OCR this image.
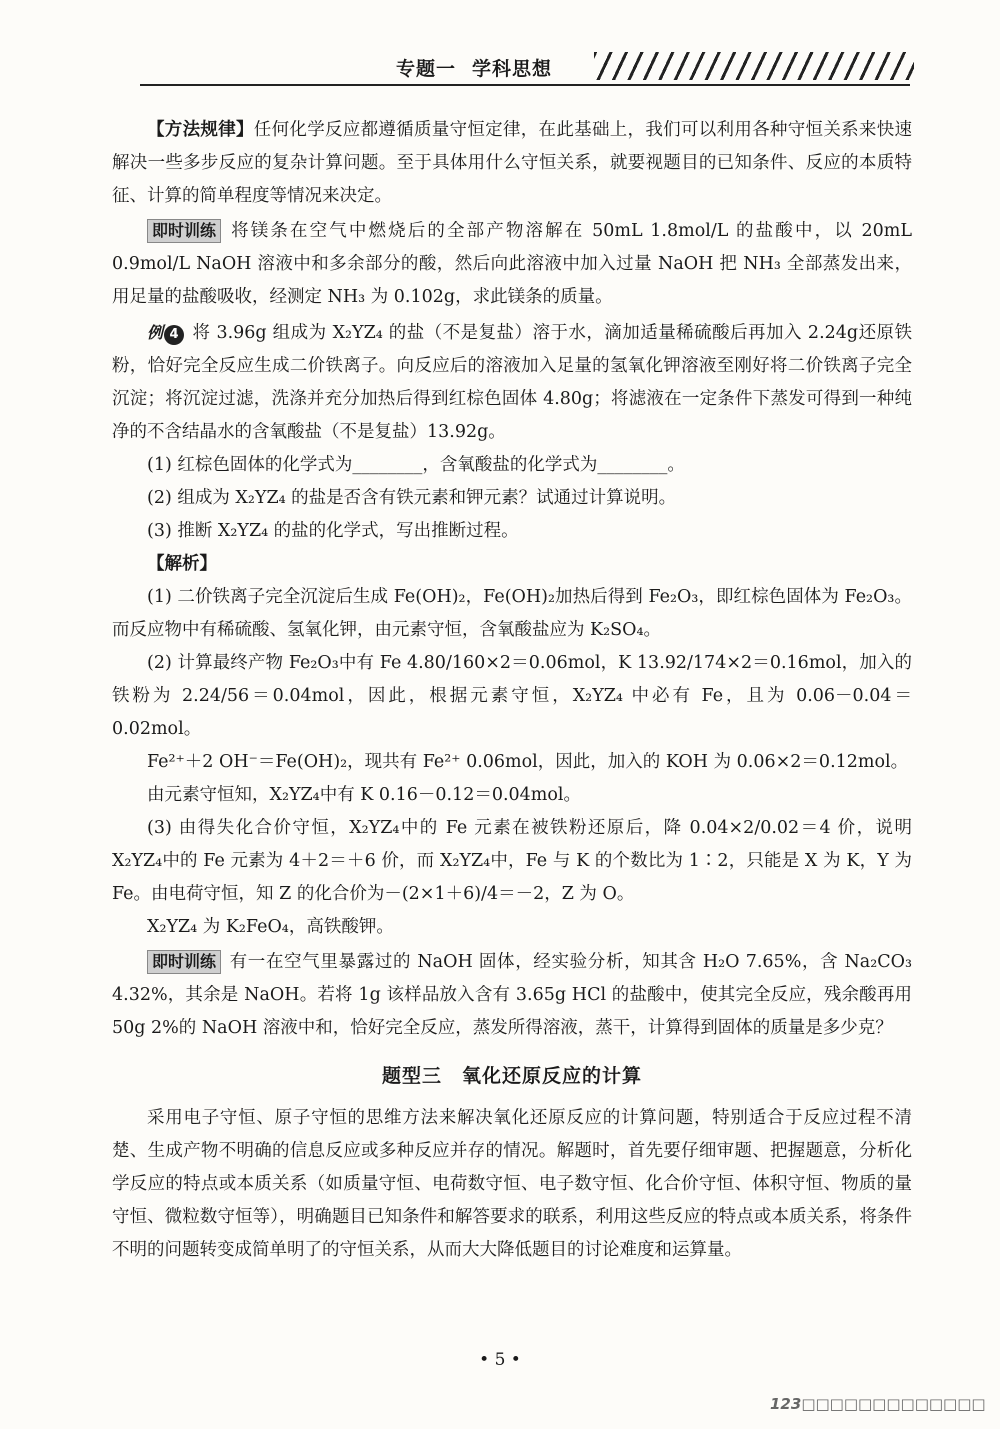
专题一 学科思想

【方法规律】任何化学反应都遵循质量守恒定律，在此基础上，我们可以利用各种守恒关系来快速解决一些多步反应的复杂计算问题。至于具体用什么守恒关系，就要视题目的已知条件、反应的本质特征、计算的简单程度等情况来决定。

即时训练 将镁条在空气中燃烧后的全部产物溶解在 50mL 1.8mol/L 的盐酸中，以 20mL 0.9mol/L NaOH 溶液中和多余部分的酸，然后向此溶液中加入过量 NaOH 把 NH₃ 全部蒸发出来，用足量的盐酸吸收，经测定 NH₃ 为 0.102g，求此镁条的质量。

例 4 将 3.96g 组成为 X₂YZ₄ 的盐（不是复盐）溶于水，滴加适量稀硫酸后再加入 2.24g还原铁粉，恰好完全反应生成二价铁离子。向反应后的溶液加入足量的氢氧化钾溶液至刚好将二价铁离子完全沉淀；将沉淀过滤，洗涤并充分加热后得到红棕色固体 4.80g；将滤液在一定条件下蒸发可得到一种纯净的不含结晶水的含氧酸盐（不是复盐）13.92g。

(1) 红棕色固体的化学式为________，含氧酸盐的化学式为________。

(2) 组成为 X₂YZ₄ 的盐是否含有铁元素和钾元素？试通过计算说明。

(3) 推断 X₂YZ₄ 的盐的化学式，写出推断过程。

【解析】

(1) 二价铁离子完全沉淀后生成 Fe(OH)₂，Fe(OH)₂加热后得到 Fe₂O₃，即红棕色固体为 Fe₂O₃。而反应物中有稀硫酸、氢氧化钾，由元素守恒，含氧酸盐应为 K₂SO₄。

(2) 计算最终产物 Fe₂O₃中有 Fe 4.80/160×2＝0.06mol，K 13.92/174×2＝0.16mol，加入的铁粉为 2.24/56＝0.04mol，因此，根据元素守恒，X₂YZ₄ 中必有 Fe，且为 0.06－0.04＝0.02mol。

Fe²⁺＋2 OH⁻＝Fe(OH)₂，现共有 Fe²⁺ 0.06mol，因此，加入的 KOH 为 0.06×2＝0.12mol。

由元素守恒知，X₂YZ₄中有 K 0.16－0.12＝0.04mol。

(3) 由得失化合价守恒，X₂YZ₄中的 Fe 元素在被铁粉还原后，降 0.04×2/0.02＝4 价，说明 X₂YZ₄中的 Fe 元素为 4＋2＝＋6 价，而 X₂YZ₄中，Fe 与 K 的个数比为 1∶2，只能是 X 为 K，Y 为 Fe。由电荷守恒，知 Z 的化合价为－(2×1＋6)/4＝－2，Z 为 O。

X₂YZ₄ 为 K₂FeO₄，高铁酸钾。

即时训练 有一在空气里暴露过的 NaOH 固体，经实验分析，知其含 H₂O 7.65%，含 Na₂CO₃ 4.32%，其余是 NaOH。若将 1g 该样品放入含有 3.65g HCl 的盐酸中，使其完全反应，残余酸再用 50g 2%的 NaOH 溶液中和，恰好完全反应，蒸发所得溶液，蒸干，计算得到固体的质量是多少克？

题型三　氧化还原反应的计算

采用电子守恒、原子守恒的思维方法来解决氧化还原反应的计算问题，特别适合于反应过程不清楚、生成产物不明确的信息反应或多种反应并存的情况。解题时，首先要仔细审题、把握题意，分析化学反应的特点或本质关系（如质量守恒、电荷数守恒、电子数守恒、化合价守恒、体积守恒、物质的量守恒、微粒数守恒等），明确题目已知条件和解答要求的联系，利用这些反应的特点或本质关系，将条件不明的问题转变成简单明了的守恒关系，从而大大降低题目的讨论难度和运算量。

• 5 •
123□□□□□□□□□□□□□
